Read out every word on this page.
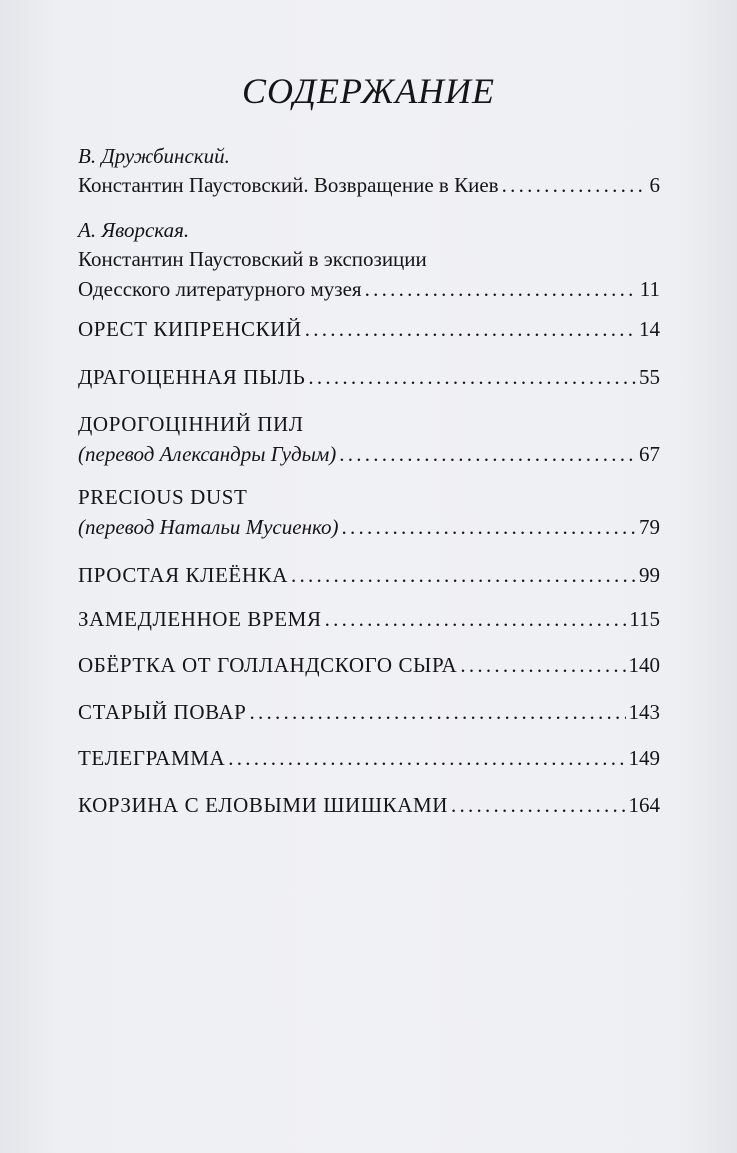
СОДЕРЖАНИЕ
В. Дружбинский.
Константин Паустовский. Возвращение в Киев . . .	6
А. Яворская.
Константин Паустовский в экспозиции
Одесского литературного музея . . .	11
ОРЕСТ КИПРЕНСКИЙ . . .	14
ДРАГОЦЕННАЯ ПЫЛЬ . . .	55
ДОРОГОЦІННИЙ ПИЛ
(перевод Александры Гудым) . . .	67
PRECIOUS DUST
(перевод Натальи Мусиенко) . . .	79
ПРОСТАЯ КЛЕЁНКА . . .	99
ЗАМЕДЛЕННОЕ ВРЕМЯ . . .	115
ОБЁРТКА ОТ ГОЛЛАНДСКОГО СЫРА . . .	140
СТАРЫЙ ПОВАР . . .	143
ТЕЛЕГРАММА . . .	149
КОРЗИНА С ЕЛОВЫМИ ШИШКАМИ . . .	164
